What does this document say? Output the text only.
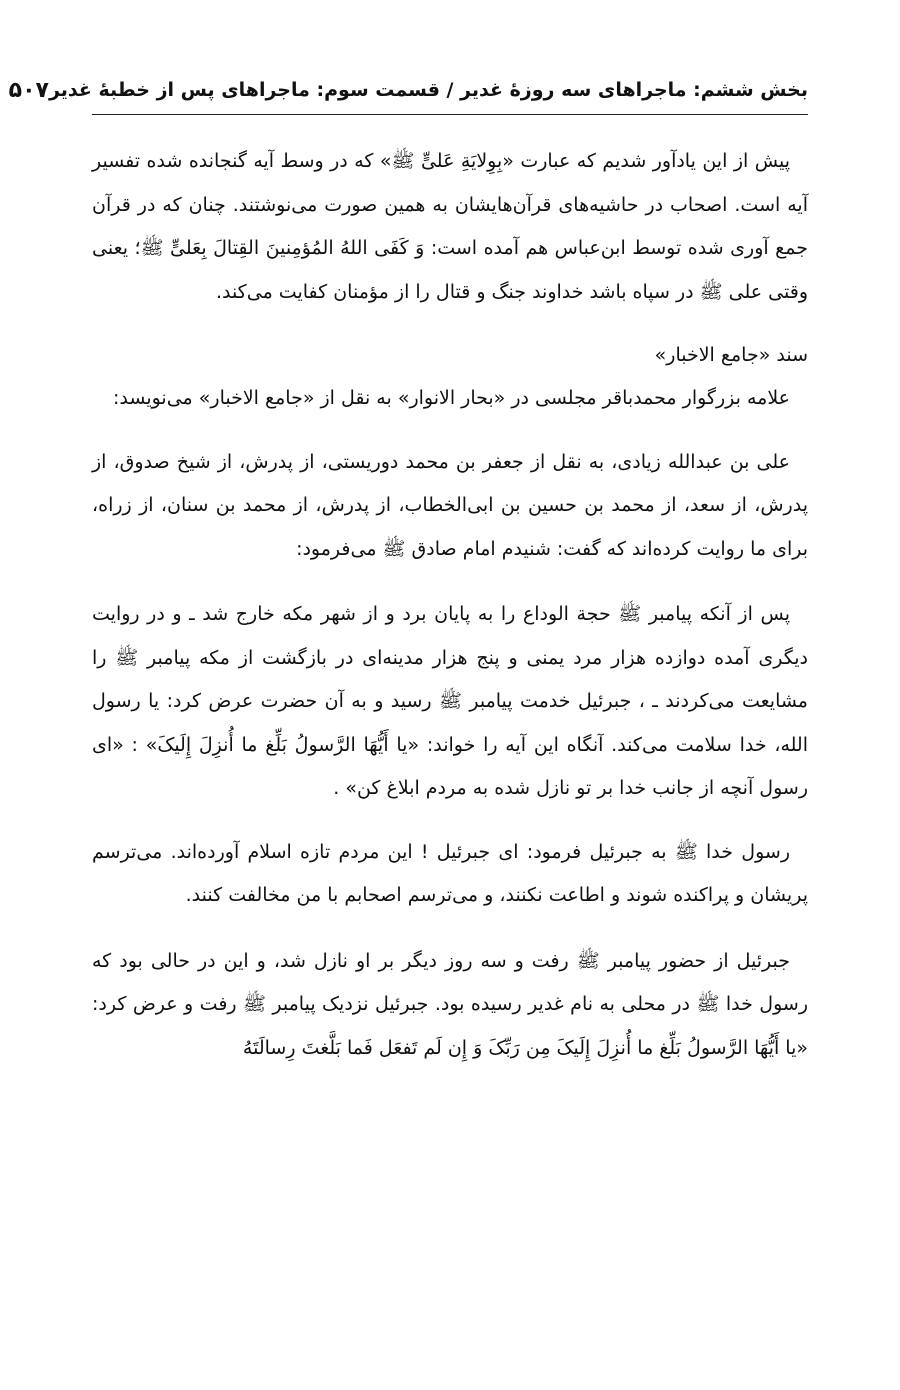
بخش ششم: ماجراهای سه روزهٔ غدیر / قسمت سوم: ماجراهای پس از خطبهٔ غدیر
۵۰۷

پیش از این یادآور شدیم که عبارت «بِوِلایَةِ عَلیٍّ ﷺ» که در وسط آیه گنجانده شده تفسیر آیه است. اصحاب در حاشیه‌های قرآن‌هایشان به همین صورت می‌نوشتند. چنان که در قرآن جمع آوری شده توسط ابن‌عباس هم آمده است: وَ کَفَی اللهُ المُؤمِنینَ القِتالَ بِعَلیٍّ ﷺ؛ یعنی وقتی علی ﷺ در سپاه باشد خداوند جنگ و قتال را از مؤمنان کفایت می‌کند.

سند «جامع الاخبار»

علامه بزرگوار محمدباقر مجلسی در «بحار الانوار» به نقل از «جامع الاخبار» می‌نویسد:

علی بن عبدالله زیادی، به نقل از جعفر بن محمد دوریستی، از پدرش، از شیخ صدوق، از پدرش، از سعد، از محمد بن حسین بن ابی‌الخطاب، از پدرش، از محمد بن سنان، از زراه، برای ما روایت کرده‌اند که گفت: شنیدم امام صادق ﷺ می‌فرمود:

پس از آنکه پیامبر ﷺ حجة الوداع را به پایان برد و از شهر مکه خارج شد ـ و در روایت دیگری آمده دوازده هزار مرد یمنی و پنج هزار مدینه‌ای در بازگشت از مکه پیامبر ﷺ را مشایعت می‌کردند ـ ، جبرئیل خدمت پیامبر ﷺ رسید و به آن حضرت عرض کرد: یا رسول الله، خدا سلامت می‌کند. آنگاه این آیه را خواند: «یا أَیُّهَا الرَّسولُ بَلِّغ ما أُنزِلَ إِلَیکَ» : «ای رسول آنچه از جانب خدا بر تو نازل شده به مردم ابلاغ کن» .

رسول خدا ﷺ به جبرئیل فرمود: ای جبرئیل ! این مردم تازه اسلام آورده‌اند. می‌ترسم پریشان و پراکنده شوند و اطاعت نکنند، و می‌ترسم اصحابم با من مخالفت کنند.

جبرئیل از حضور پیامبر ﷺ رفت و سه روز دیگر بر او نازل شد، و این در حالی بود که رسول خدا ﷺ در محلی به نام غدیر رسیده بود. جبرئیل نزدیک پیامبر ﷺ رفت و عرض کرد: «یا أَیُّهَا الرَّسولُ بَلِّغ ما أُنزِلَ إِلَیکَ مِن رَبِّکَ وَ إِن لَم تَفعَل فَما بَلَّغتَ رِسالَتَهُ
